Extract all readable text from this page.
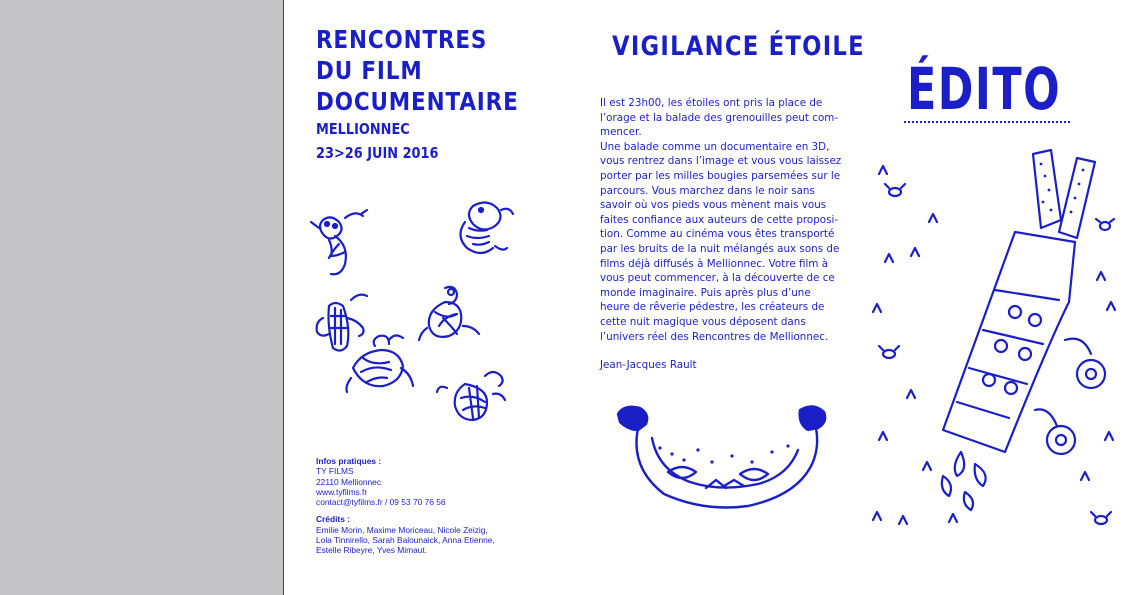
RENCONTRES
DU FILM
DOCUMENTAIRE
MELLIONNEC
23>26 JUIN 2016
Infos pratiques :
TY FILMS
22110 Mellionnec
www.tyfilms.fr
contact@tyfilms.fr / 09 53 70 76 56
Crédits :
Emilie Morin, Maxime Moriceau, Nicole Zeizig,
Lola Tinnirello, Sarah Balounaick, Anna Etienne,
Estelle Ribeyre, Yves Mimaut.
VIGILANCE ÉTOILE

Il est 23h00, les étoiles ont pris la place de l’orage et la balade des grenouilles peut com-mencer.

Une balade comme un documentaire en 3D, vous rentrez dans l’image et vous vous laissez porter par les milles bougies parsemées sur le parcours. Vous marchez dans le noir sans savoir où vos pieds vous mènent mais vous faites confiance aux auteurs de cette proposi-tion. Comme au cinéma vous êtes transporté par les bruits de la nuit mélangés aux sons de films déjà diffusés à Mellionnec. Votre film à vous peut commencer, à la découverte de ce monde imaginaire. Puis après plus d’une heure de rêverie pédestre, les créateurs de cette nuit magique vous déposent dans l’univers réel des Rencontres de Mellionnec.

Jean-Jacques Rault

ÉDITO
